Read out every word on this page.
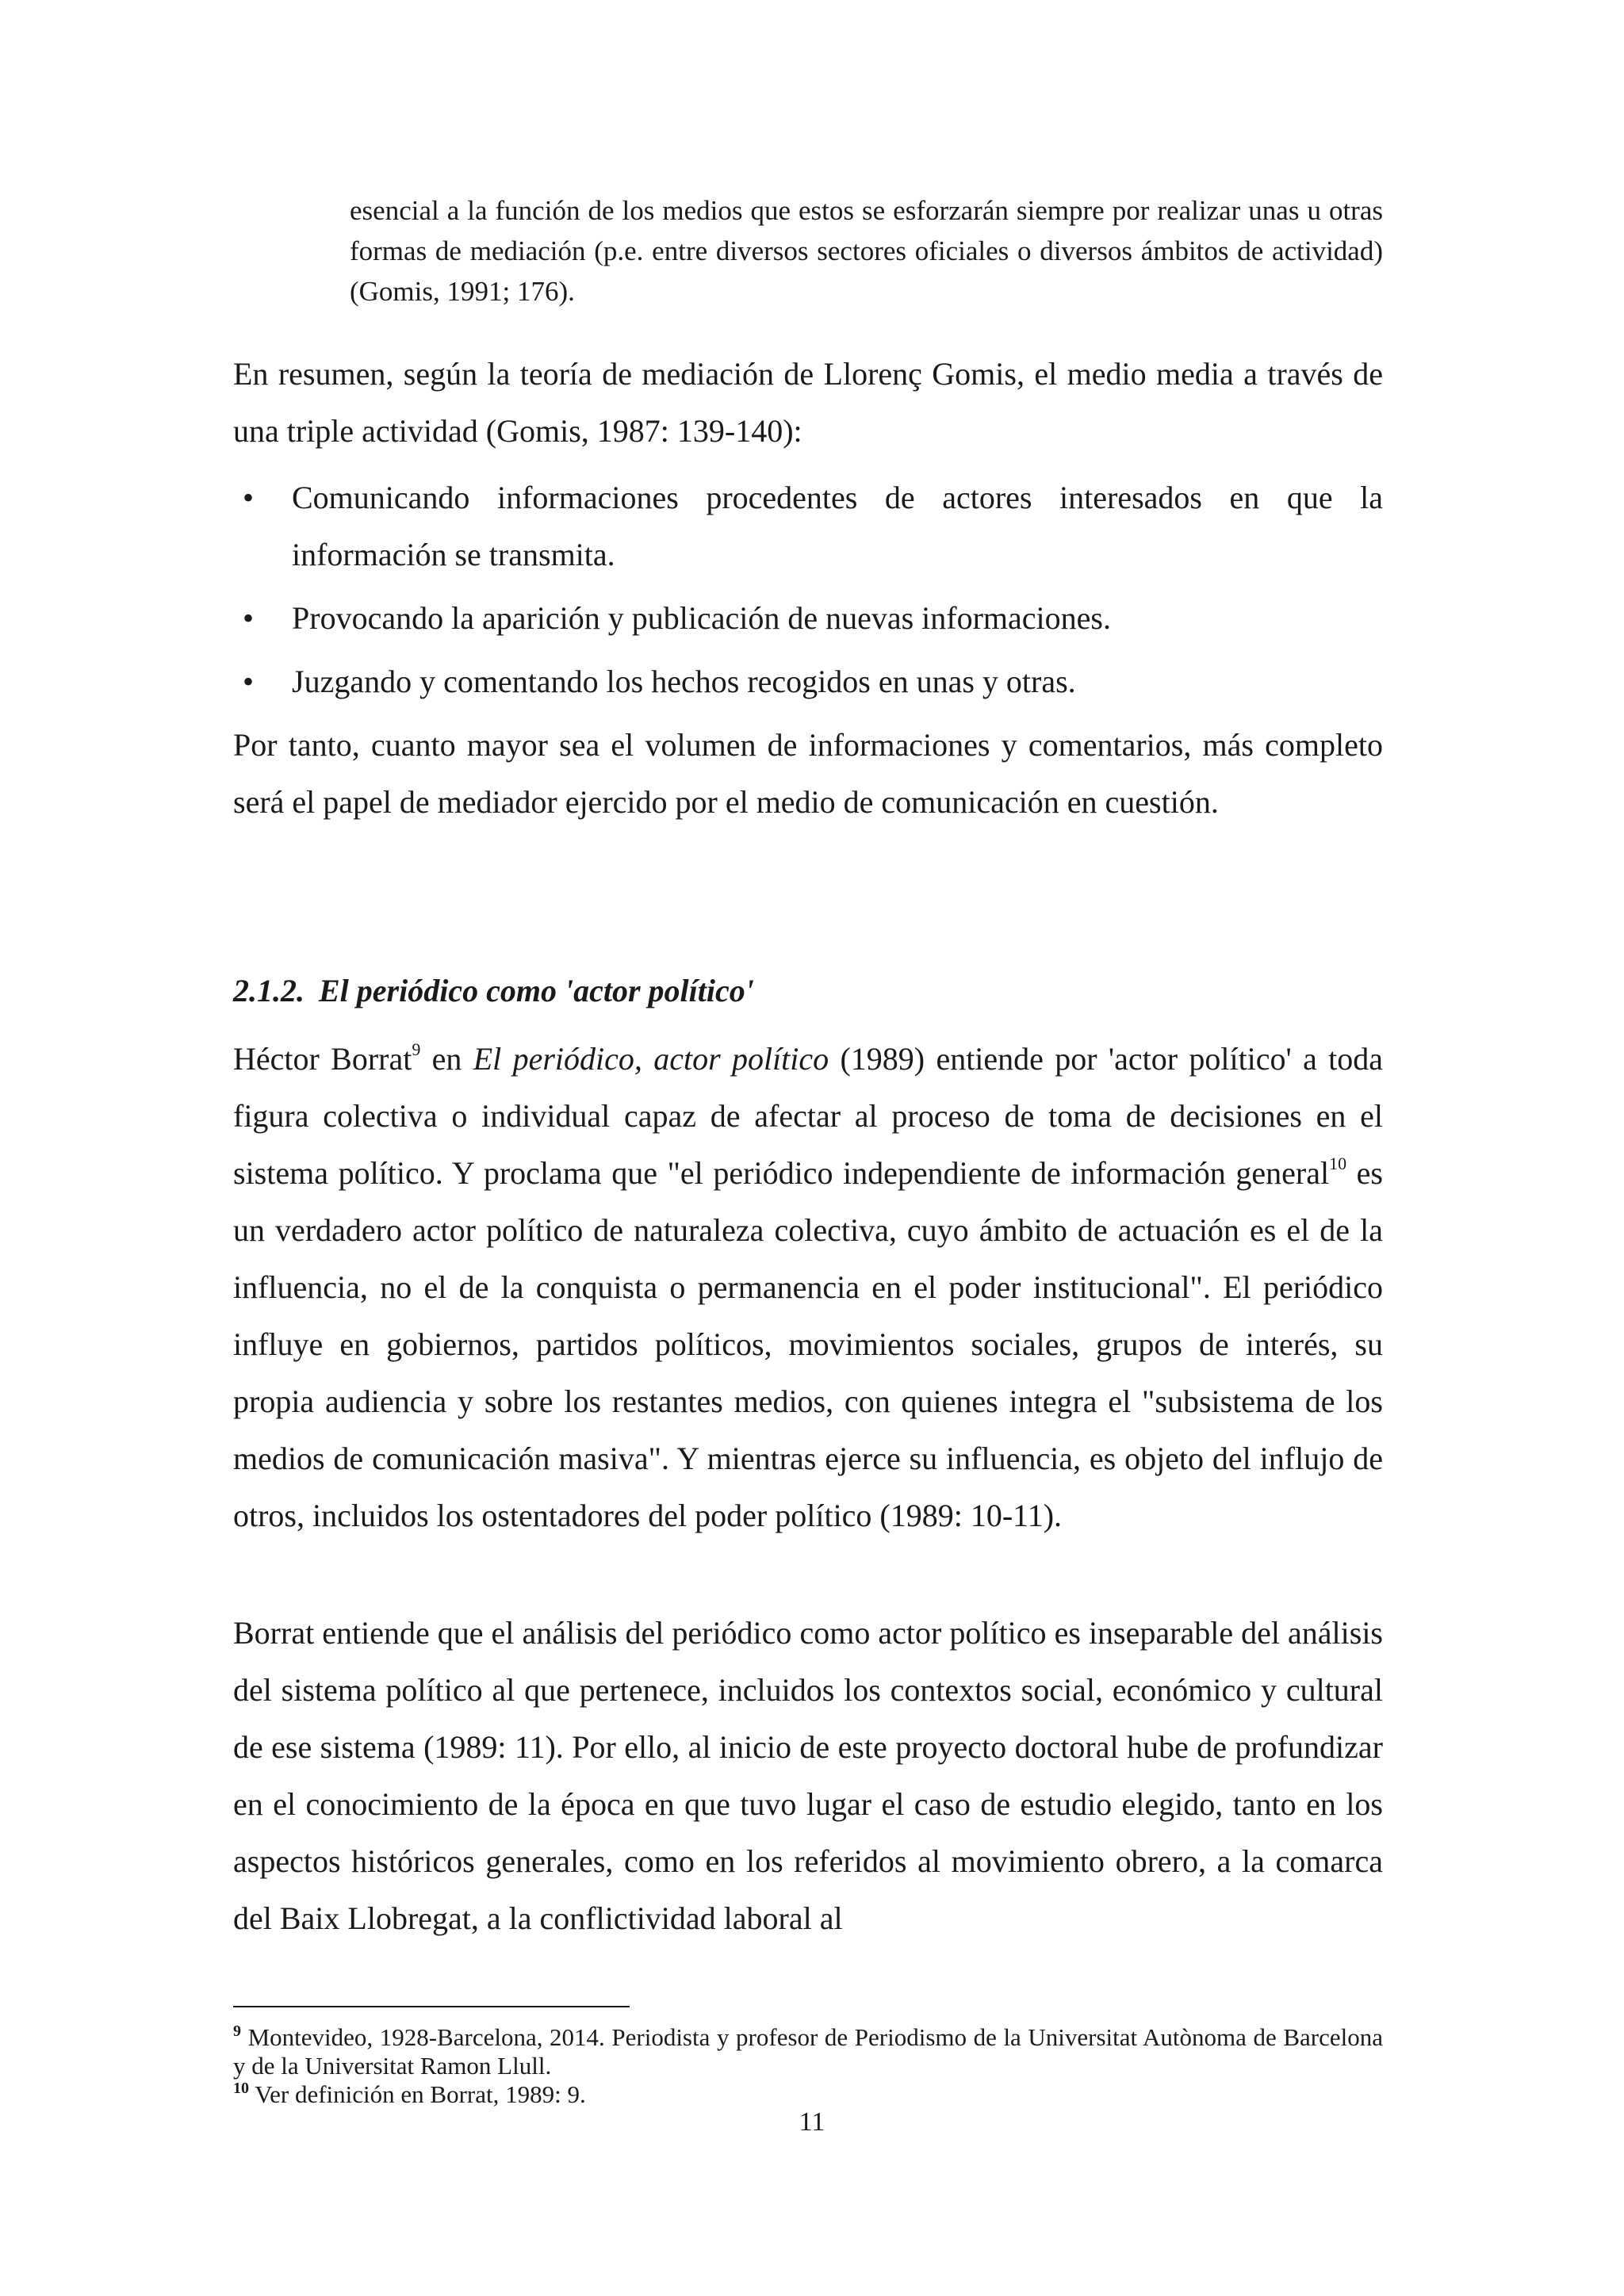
esencial a la función de los medios que estos se esforzarán siempre por realizar unas u otras formas de mediación (p.e. entre diversos sectores oficiales o diversos ámbitos de actividad) (Gomis, 1991; 176).

En resumen, según la teoría de mediación de Llorenç Gomis, el medio media a través de una triple actividad (Gomis, 1987: 139-140):

• Comunicando informaciones procedentes de actores interesados en que la información se transmita.
• Provocando la aparición y publicación de nuevas informaciones.
• Juzgando y comentando los hechos recogidos en unas y otras.

Por tanto, cuanto mayor sea el volumen de informaciones y comentarios, más completo será el papel de mediador ejercido por el medio de comunicación en cuestión.

2.1.2. El periódico como 'actor político'

Héctor Borrat$^9$ en El periódico, actor político (1989) entiende por 'actor político' a toda figura colectiva o individual capaz de afectar al proceso de toma de decisiones en el sistema político. Y proclama que "el periódico independiente de información general$^{10}$ es un verdadero actor político de naturaleza colectiva, cuyo ámbito de actuación es el de la influencia, no el de la conquista o permanencia en el poder institucional". El periódico influye en gobiernos, partidos políticos, movimientos sociales, grupos de interés, su propia audiencia y sobre los restantes medios, con quienes integra el "subsistema de los medios de comunicación masiva". Y mientras ejerce su influencia, es objeto del influjo de otros, incluidos los ostentadores del poder político (1989: 10-11).

Borrat entiende que el análisis del periódico como actor político es inseparable del análisis del sistema político al que pertenece, incluidos los contextos social, económico y cultural de ese sistema (1989: 11). Por ello, al inicio de este proyecto doctoral hube de profundizar en el conocimiento de la época en que tuvo lugar el caso de estudio elegido, tanto en los aspectos históricos generales, como en los referidos al movimiento obrero, a la comarca del Baix Llobregat, a la conflictividad laboral al

$^9$ Montevideo, 1928-Barcelona, 2014. Periodista y profesor de Periodismo de la Universitat Autònoma de Barcelona y de la Universitat Ramon Llull.

$^{10}$ Ver definición en Borrat, 1989: 9.

11
